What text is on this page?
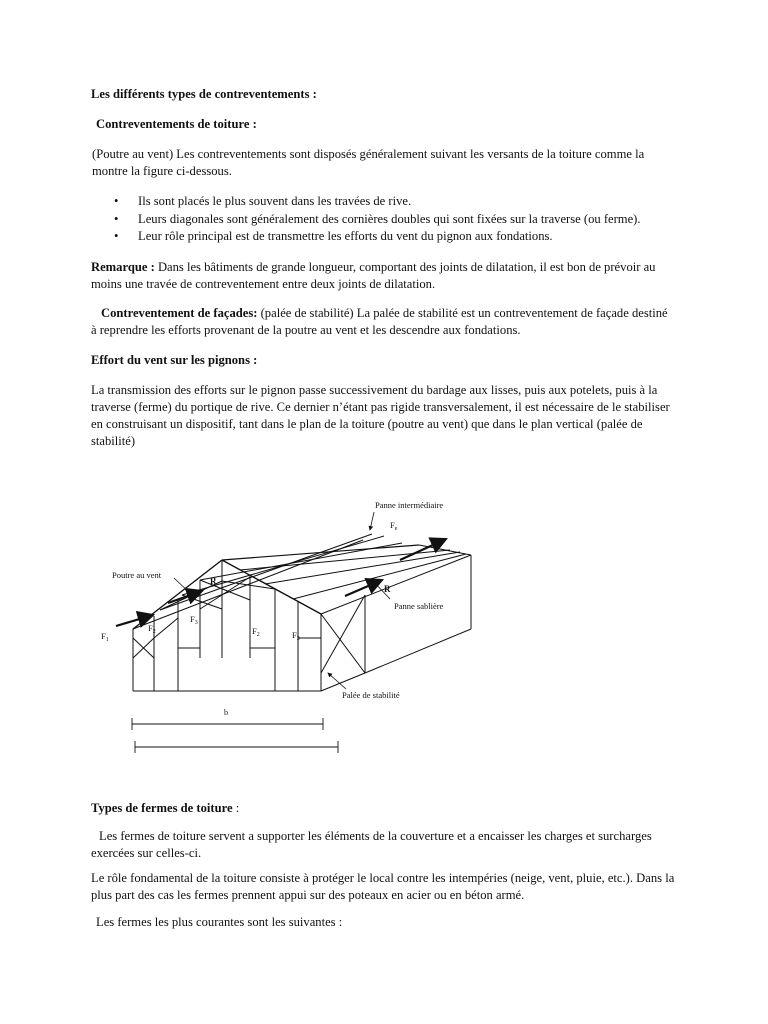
Les différents types de contreventements :
Contreventements de toiture :
(Poutre au vent) Les contreventements sont disposés généralement suivant les versants de la toiture comme la montre la figure ci-dessous.
• Ils sont placés le plus souvent dans les travées de rive.
• Leurs diagonales sont généralement des cornières doubles qui sont fixées sur la traverse (ou ferme).
• Leur rôle principal est de transmettre les efforts du vent du pignon aux fondations.
Remarque : Dans les bâtiments de grande longueur, comportant des joints de dilatation, il est bon de prévoir au moins une travée de contreventement entre deux joints de dilatation.
Contreventement de façades: (palée de stabilité) La palée de stabilité est un contreventement de façade destiné à reprendre les efforts provenant de la poutre au vent et les descendre aux fondations.
Effort du vent sur les pignons :
La transmission des efforts sur le pignon passe successivement du bardage aux lisses, puis aux potelets, puis à la traverse (ferme) du portique de rive. Ce dernier n’étant pas rigide transversalement, il est nécessaire de le stabiliser en construisant un dispositif, tant dans le plan de la toiture (poutre au vent) que dans le plan vertical (palée de stabilité)
Panne intermédiaire
$F_e$
Poutre au vent
R
R
Panne sablière
$F_1$
$F_2$
$F_3$
$F_2$	$F_3$
Palée de stabilité
b
Types de fermes de toiture :
Les fermes de toiture servent a supporter les éléments de la couverture et a encaisser les charges et surcharges exercées sur celles-ci.
Le rôle fondamental de la toiture consiste à protéger le local contre les intempéries (neige, vent, pluie, etc.). Dans la plus part des cas les fermes prennent appui sur des poteaux en acier ou en béton armé.
Les fermes les plus courantes sont les suivantes :
